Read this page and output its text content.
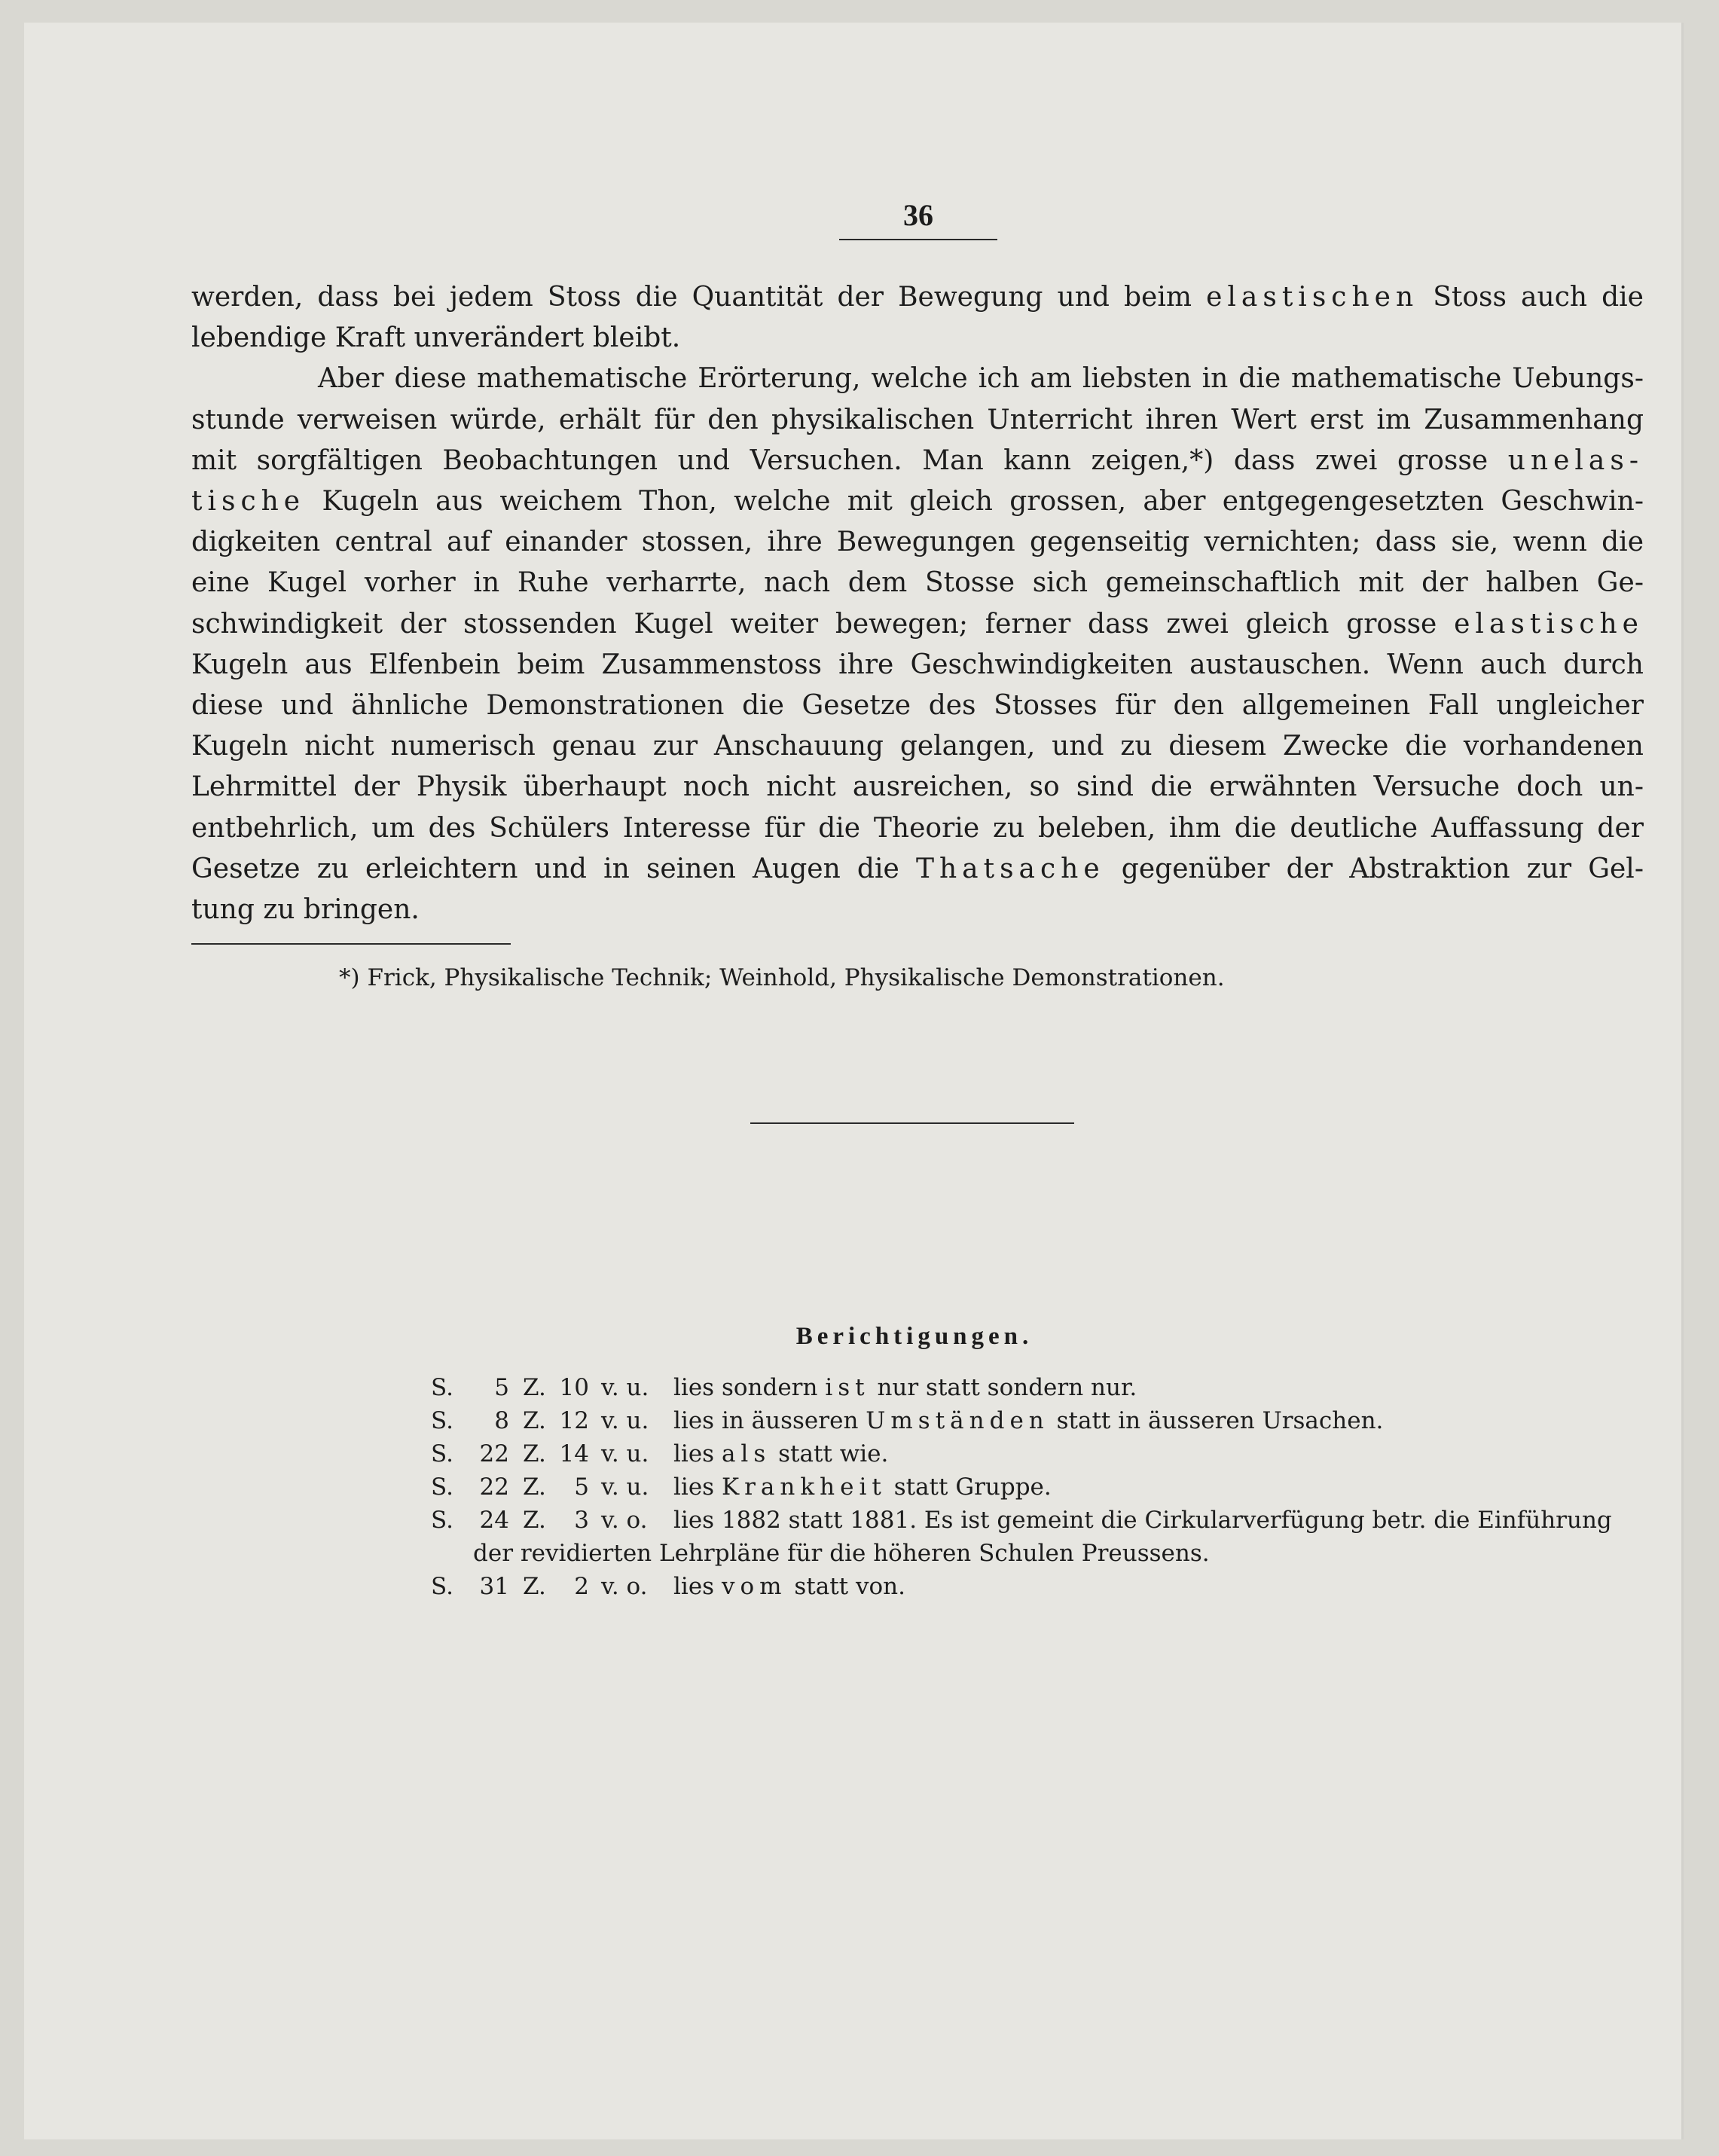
36
werden, dass bei jedem Stoss die Quantität der Bewegung und beim elastischen Stoss auch die
lebendige Kraft unverändert bleibt.
Aber diese mathematische Erörterung, welche ich am liebsten in die mathematische Uebungs-
stunde verweisen würde, erhält für den physikalischen Unterricht ihren Wert erst im Zusammenhang
mit sorgfältigen Beobachtungen und Versuchen. Man kann zeigen,*) dass zwei grosse unelas-
tische Kugeln aus weichem Thon, welche mit gleich grossen, aber entgegengesetzten Geschwin-
digkeiten central auf einander stossen, ihre Bewegungen gegenseitig vernichten; dass sie, wenn die
eine Kugel vorher in Ruhe verharrte, nach dem Stosse sich gemeinschaftlich mit der halben Ge-
schwindigkeit der stossenden Kugel weiter bewegen; ferner dass zwei gleich grosse elastische
Kugeln aus Elfenbein beim Zusammenstoss ihre Geschwindigkeiten austauschen. Wenn auch durch
diese und ähnliche Demonstrationen die Gesetze des Stosses für den allgemeinen Fall ungleicher
Kugeln nicht numerisch genau zur Anschauung gelangen, und zu diesem Zwecke die vorhandenen
Lehrmittel der Physik überhaupt noch nicht ausreichen, so sind die erwähnten Versuche doch un-
entbehrlich, um des Schülers Interesse für die Theorie zu beleben, ihm die deutliche Auffassung der
Gesetze zu erleichtern und in seinen Augen die Thatsache gegenüber der Abstraktion zur Gel-
tung zu bringen.
*) Frick, Physikalische Technik; Weinhold, Physikalische Demonstrationen.
Berichtigungen.
S. 5 Z. 10 v. u. lies sondern ist nur statt sondern nur.
S. 8 Z. 12 v. u. lies in äusseren Umständen statt in äusseren Ursachen.
S. 22 Z. 14 v. u. lies als statt wie.
S. 22 Z. 5 v. u. lies Krankheit statt Gruppe.
S. 24 Z. 3 v. o. lies 1882 statt 1881. Es ist gemeint die Cirkularverfügung betr. die Einführung
der revidierten Lehrpläne für die höheren Schulen Preussens.
S. 31 Z. 2 v. o. lies vom statt von.
